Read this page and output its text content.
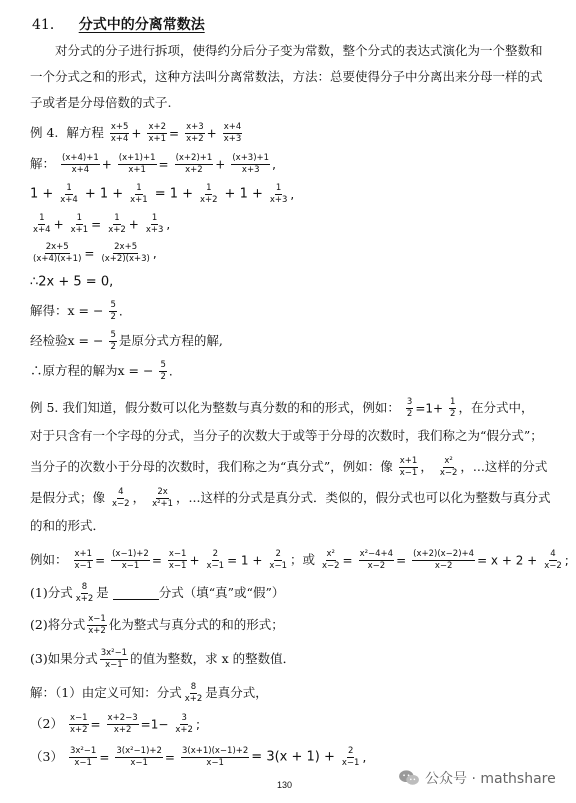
41． 分式中的分离常数法
对分式的分子进行拆项，使得约分后分子变为常数，整个分式的表达式演化为一个整数和一个分式之和的形式，这种方法叫分离常数法，方法：总要使得分子中分离出来分母一样的式子或者是分母倍数的式子.
例 4. 解方程 $\frac{x+5}{x+4} + \frac{x+2}{x+1} = \frac{x+3}{x+2} + \frac{x+4}{x+3}$
解： $\frac{(x+4)+1}{x+4} + \frac{(x+1)+1}{x+1} = \frac{(x+2)+1}{x+2} + \frac{(x+3)+1}{x+3}$ ,
$1 + \frac{1}{x+4} + 1 + \frac{1}{x+1} = 1 + \frac{1}{x+2} + 1 + \frac{1}{x+3}$ ,
$\frac{1}{x+4} + \frac{1}{x+1} = \frac{1}{x+2} + \frac{1}{x+3}$ ,
$\frac{2x+5}{(x+4)(x+1)} = \frac{2x+5}{(x+2)(x+3)}$ ,
∴2x + 5 = 0,
解得：x = − $\frac{5}{2}$ .
经检验x = − $\frac{5}{2}$ 是原分式方程的解,
∴原方程的解为x = − $\frac{5}{2}$ .
例 5. 我们知道，假分数可以化为整数与真分数的和的形式，例如： $\frac{3}{2} =1+ \frac{1}{2}$ ，在分式中，
对于只含有一个字母的分式，当分子的次数大于或等于分母的次数时，我们称之为“假分式”；
当分子的次数小于分母的次数时，我们称之为“真分式”，例如：像 $\frac{x+1}{x-1}$ ， $\frac{\text{x²}}{x-2}$ ，...这样的分式
是假分式；像 $\frac{4}{x-2}$ ， $\frac{2x}{\text{x²+1}}$ ，...这样的分式是真分式．类似的，假分式也可以化为整数与真分式
的和的形式．
例如： $\frac{x+1}{x-1} = \frac{(x-1)+2}{x-1} = \frac{x-1}{x-1} + \frac{2}{x-1} = 1 + \frac{2}{x-1}$ ；或 $\frac{\text{x²}}{x-2} = \frac{\text{x²−4+4}}{x-2} = \frac{(x+2)(x-2)+4}{x-2} = x + 2 + \frac{4}{x-2}$ ;
(1)分式 $\frac{8}{x+2}$ 是	分式（填“真”或“假”）
(2)将分式 $\frac{x-1}{x+2}$ 化为整式与真分式的和的形式；
(3)如果分式 $\frac{\text{3x²−1}}{x-1}$ 的值为整数，求 x 的整数值．
解：（1）由定义可知：分式 $\frac{8}{x+2}$ 是真分式，
$(2) \frac{x-1}{x+2} = \frac{x+2-3}{x+2} =1- \frac{3}{x+2}$ ;
$(3) \frac{\text{3x²−1}}{x-1} = \frac{\text{3(x²−1)+2}}{x-1} = \frac{3(x+1)(x-1)+2}{x-1} = 3(x + 1) + \frac{2}{x-1}$ ,
130	公众号 · mathshare
